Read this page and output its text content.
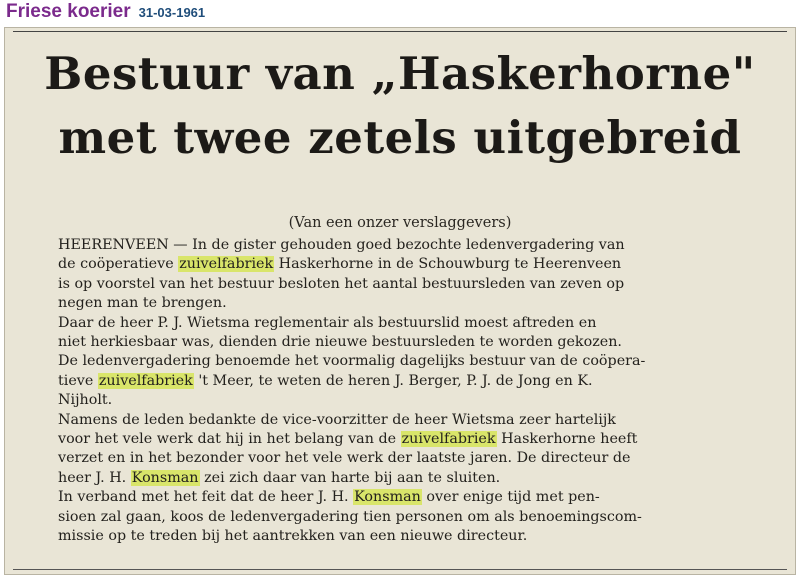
Friese koerier 31-03-1961
Bestuur van „Haskerhorne"
met twee zetels uitgebreid
(Van een onzer verslaggevers)

HEERENVEEN — In de gister gehouden goed bezochte ledenvergadering van
de coöperatieve zuivelfabriek Haskerhorne in de Schouwburg te Heerenveen
is op voorstel van het bestuur besloten het aantal bestuursleden van zeven op
negen man te brengen.

Daar de heer P. J. Wietsma reglementair als bestuurslid moest aftreden en
niet herkiesbaar was, dienden drie nieuwe bestuursleden te worden gekozen.
De ledenvergadering benoemde het voormalig dagelijks bestuur van de coöpera-
tieve zuivelfabriek 't Meer, te weten de heren J. Berger, P. J. de Jong en K.
Nijholt.

Namens de leden bedankte de vice-voorzitter de heer Wietsma zeer hartelijk
voor het vele werk dat hij in het belang van de zuivelfabriek Haskerhorne heeft
verzet en in het bezonder voor het vele werk der laatste jaren. De directeur de
heer J. H. Konsman zei zich daar van harte bij aan te sluiten.

In verband met het feit dat de heer J. H. Konsman over enige tijd met pen-
sioen zal gaan, koos de ledenvergadering tien personen om als benoemingscom-
missie op te treden bij het aantrekken van een nieuwe directeur.
